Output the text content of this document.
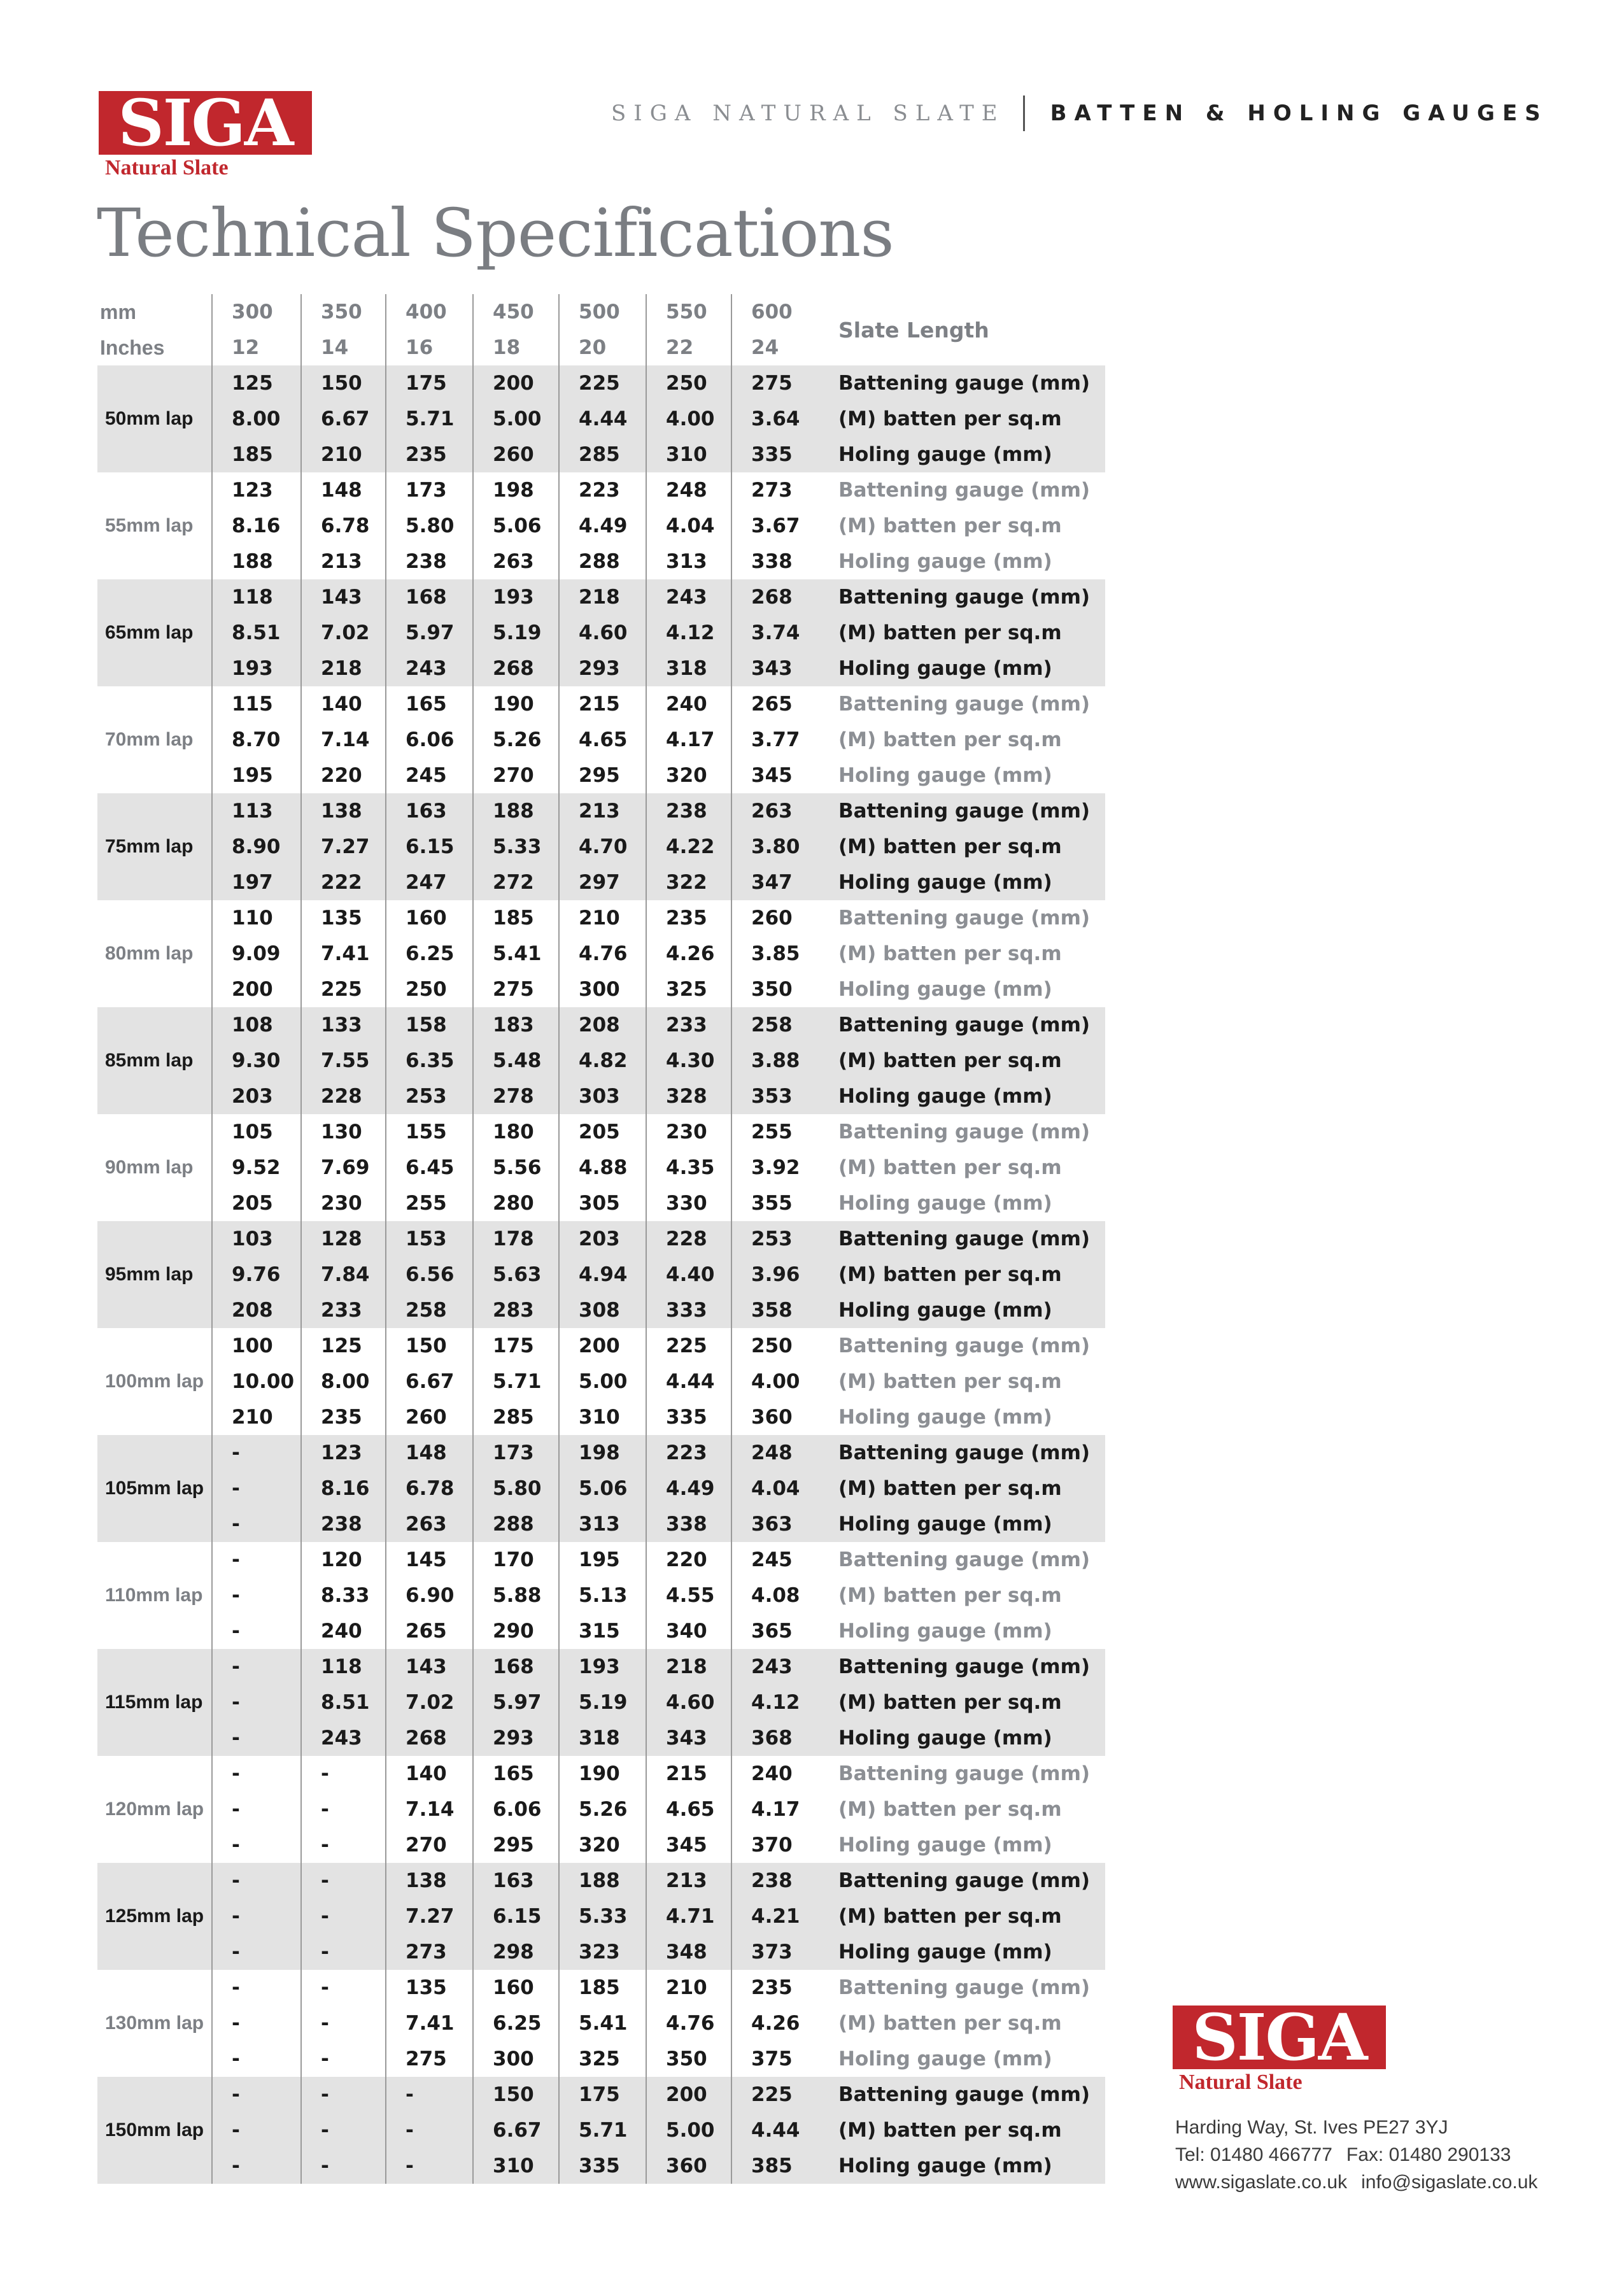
SIGA
Natural Slate
SIGA NATURAL SLATE BATTEN & HOLING GAUGES
Technical Specifications
mm	300	350	400	450	500	550	600	Slate Length
Inches	12	14	16	18	20	22	24	
50mm lap	125	150	175	200	225	250	275	Battening gauge (mm)
	8.00	6.67	5.71	5.00	4.44	4.00	3.64	(M) batten per sq.m
	185	210	235	260	285	310	335	Holing gauge (mm)
55mm lap	123	148	173	198	223	248	273	Battening gauge (mm)
	8.16	6.78	5.80	5.06	4.49	4.04	3.67	(M) batten per sq.m
	188	213	238	263	288	313	338	Holing gauge (mm)
65mm lap	118	143	168	193	218	243	268	Battening gauge (mm)
	8.51	7.02	5.97	5.19	4.60	4.12	3.74	(M) batten per sq.m
	193	218	243	268	293	318	343	Holing gauge (mm)
70mm lap	115	140	165	190	215	240	265	Battening gauge (mm)
	8.70	7.14	6.06	5.26	4.65	4.17	3.77	(M) batten per sq.m
	195	220	245	270	295	320	345	Holing gauge (mm)
75mm lap	113	138	163	188	213	238	263	Battening gauge (mm)
	8.90	7.27	6.15	5.33	4.70	4.22	3.80	(M) batten per sq.m
	197	222	247	272	297	322	347	Holing gauge (mm)
80mm lap	110	135	160	185	210	235	260	Battening gauge (mm)
	9.09	7.41	6.25	5.41	4.76	4.26	3.85	(M) batten per sq.m
	200	225	250	275	300	325	350	Holing gauge (mm)
85mm lap	108	133	158	183	208	233	258	Battening gauge (mm)
	9.30	7.55	6.35	5.48	4.82	4.30	3.88	(M) batten per sq.m
	203	228	253	278	303	328	353	Holing gauge (mm)
90mm lap	105	130	155	180	205	230	255	Battening gauge (mm)
	9.52	7.69	6.45	5.56	4.88	4.35	3.92	(M) batten per sq.m
	205	230	255	280	305	330	355	Holing gauge (mm)
95mm lap	103	128	153	178	203	228	253	Battening gauge (mm)
	9.76	7.84	6.56	5.63	4.94	4.40	3.96	(M) batten per sq.m
	208	233	258	283	308	333	358	Holing gauge (mm)
100mm lap	100	125	150	175	200	225	250	Battening gauge (mm)
	10.00	8.00	6.67	5.71	5.00	4.44	4.00	(M) batten per sq.m
	210	235	260	285	310	335	360	Holing gauge (mm)
105mm lap	-	123	148	173	198	223	248	Battening gauge (mm)
	-	8.16	6.78	5.80	5.06	4.49	4.04	(M) batten per sq.m
	-	238	263	288	313	338	363	Holing gauge (mm)
110mm lap	-	120	145	170	195	220	245	Battening gauge (mm)
	-	8.33	6.90	5.88	5.13	4.55	4.08	(M) batten per sq.m
	-	240	265	290	315	340	365	Holing gauge (mm)
115mm lap	-	118	143	168	193	218	243	Battening gauge (mm)
	-	8.51	7.02	5.97	5.19	4.60	4.12	(M) batten per sq.m
	-	243	268	293	318	343	368	Holing gauge (mm)
120mm lap	-	-	140	165	190	215	240	Battening gauge (mm)
	-	-	7.14	6.06	5.26	4.65	4.17	(M) batten per sq.m
	-	-	270	295	320	345	370	Holing gauge (mm)
125mm lap	-	-	138	163	188	213	238	Battening gauge (mm)
	-	-	7.27	6.15	5.33	4.71	4.21	(M) batten per sq.m
	-	-	273	298	323	348	373	Holing gauge (mm)
130mm lap	-	-	135	160	185	210	235	Battening gauge (mm)
	-	-	7.41	6.25	5.41	4.76	4.26	(M) batten per sq.m
	-	-	275	300	325	350	375	Holing gauge (mm)
150mm lap	-	-	-	150	175	200	225	Battening gauge (mm)
	-	-	-	6.67	5.71	5.00	4.44	(M) batten per sq.m
	-	-	-	310	335	360	385	Holing gauge (mm)
SIGA
Natural Slate
Harding Way, St. Ives PE27 3YJ
Tel: 01480 466777 Fax: 01480 290133
www.sigaslate.co.uk info@sigaslate.co.uk
